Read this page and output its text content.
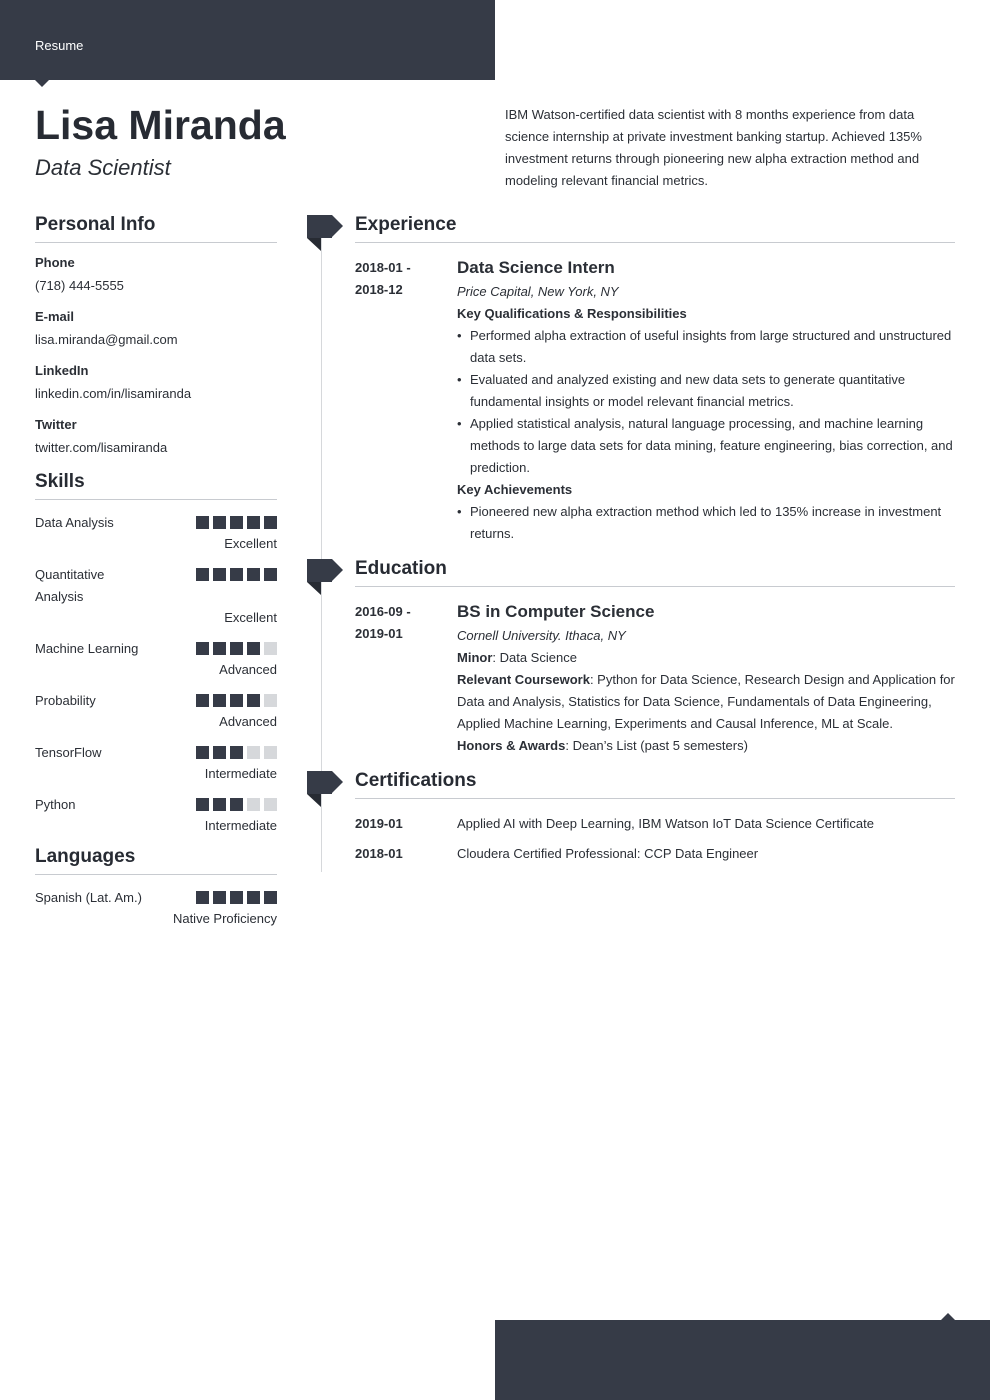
Resume
Lisa Miranda
Data Scientist
IBM Watson-certified data scientist with 8 months experience from data science internship at private investment banking startup. Achieved 135% investment returns through pioneering new alpha extraction method and modeling relevant financial metrics.
Personal Info
Phone
(718) 444-5555
E-mail
lisa.miranda@gmail.com
LinkedIn
linkedin.com/in/lisamiranda
Twitter
twitter.com/lisamiranda
Skills
Data Analysis
Excellent
Quantitative Analysis
Excellent
Machine Learning
Advanced
Probability
Advanced
TensorFlow
Intermediate
Python
Intermediate
Languages
Spanish (Lat. Am.)
Native Proficiency
Experience
2018-01 -
2018-12
Data Science Intern
Price Capital, New York, NY
Key Qualifications & Responsibilities
• Performed alpha extraction of useful insights from large structured and unstructured data sets.
• Evaluated and analyzed existing and new data sets to generate quantitative fundamental insights or model relevant financial metrics.
• Applied statistical analysis, natural language processing, and machine learning methods to large data sets for data mining, feature engineering, bias correction, and prediction.
Key Achievements
• Pioneered new alpha extraction method which led to 135% increase in investment returns.
Education
2016-09 -
2019-01
BS in Computer Science
Cornell University. Ithaca, NY
Minor: Data Science
Relevant Coursework: Python for Data Science, Research Design and Application for Data and Analysis, Statistics for Data Science, Fundamentals of Data Engineering, Applied Machine Learning, Experiments and Causal Inference, ML at Scale.
Honors & Awards: Dean’s List (past 5 semesters)
Certifications
2019-01	Applied AI with Deep Learning, IBM Watson IoT Data Science Certificate
2018-01	Cloudera Certified Professional: CCP Data Engineer
